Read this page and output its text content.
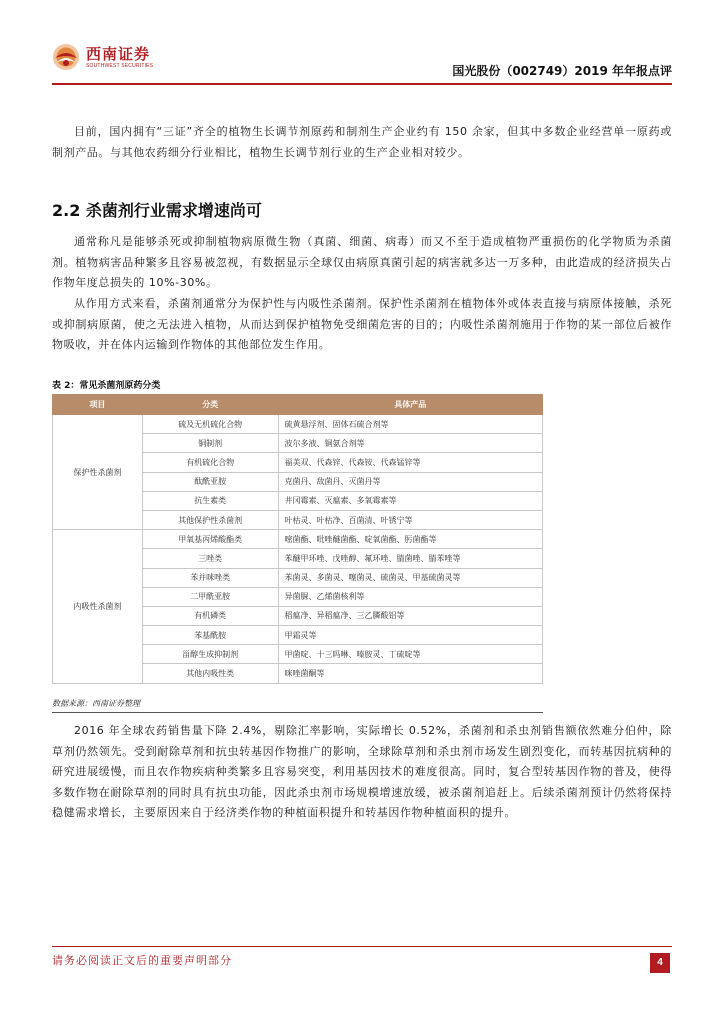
西南证券
SOUTHWEST SECURITIES	国光股份（002749）2019 年年报点评

目前，国内拥有“三证”齐全的植物生长调节剂原药和制剂生产企业约有 150 余家，但其中多数企业经营单一原药或制剂产品。与其他农药细分行业相比，植物生长调节剂行业的生产企业相对较少。

2.2 杀菌剂行业需求增速尚可

通常称凡是能够杀死或抑制植物病原微生物（真菌、细菌、病毒）而又不至于造成植物严重损伤的化学物质为杀菌剂。植物病害品种繁多且容易被忽视，有数据显示全球仅由病原真菌引起的病害就多达一万多种，由此造成的经济损失占作物年度总损失的 10%-30%。

从作用方式来看，杀菌剂通常分为保护性与内吸性杀菌剂。保护性杀菌剂在植物体外或体表直接与病原体接触，杀死或抑制病原菌，使之无法进入植物，从而达到保护植物免受细菌危害的目的；内吸性杀菌剂施用于作物的某一部位后被作物吸收，并在体内运输到作物体的其他部位发生作用。

表 2：常见杀菌剂原药分类
项目	分类	具体产品
保护性杀菌剂	硫及无机硫化合物	硫黄悬浮剂、固体石硫合剂等
	铜制剂	波尔多液、铜氨合剂等
	有机硫化合物	福美双、代森锌、代森铵、代森锰锌等
	酞酰亚胺	克菌丹、敌菌丹、灭菌丹等
	抗生素类	井冈霉素、灭瘟素、多氧霉素等
	其他保护性杀菌剂	叶枯灵、叶枯净、百菌清、叶锈宁等
内吸性杀菌剂	甲氧基丙烯酸酯类	嘧菌酯、吡唑醚菌酯、啶氧菌酯、肟菌酯等
	三唑类	苯醚甲环唑、戊唑醇、氟环唑、腈菌唑、腈苯唑等
	苯并咪唑类	苯菌灵、多菌灵、噻菌灵、硫菌灵、甲基硫菌灵等
	二甲酰亚胺	异菌脲、乙烯菌核利等
	有机磷类	稻瘟净、异稻瘟净、三乙膦酸铝等
	苯基酰胺	甲霜灵等
	甾醇生成抑制剂	甲菌啶、十三吗啉、嗪胺灵、丁硫啶等
	其他内吸性类	咪唑菌酮等
数据来源：西南证券整理

2016 年全球农药销售量下降 2.4%，剔除汇率影响，实际增长 0.52%，杀菌剂和杀虫剂销售额依然难分伯仲，除草剂仍然领先。受到耐除草剂和抗虫转基因作物推广的影响，全球除草剂和杀虫剂市场发生剧烈变化，而转基因抗病种的研究进展缓慢，而且农作物疾病种类繁多且容易突变，利用基因技术的难度很高。同时，复合型转基因作物的普及，使得多数作物在耐除草剂的同时具有抗虫功能，因此杀虫剂市场规模增速放缓，被杀菌剂追赶上。后续杀菌剂预计仍然将保持稳健需求增长，主要原因来自于经济类作物的种植面积提升和转基因作物种植面积的提升。

请务必阅读正文后的重要声明部分	4
